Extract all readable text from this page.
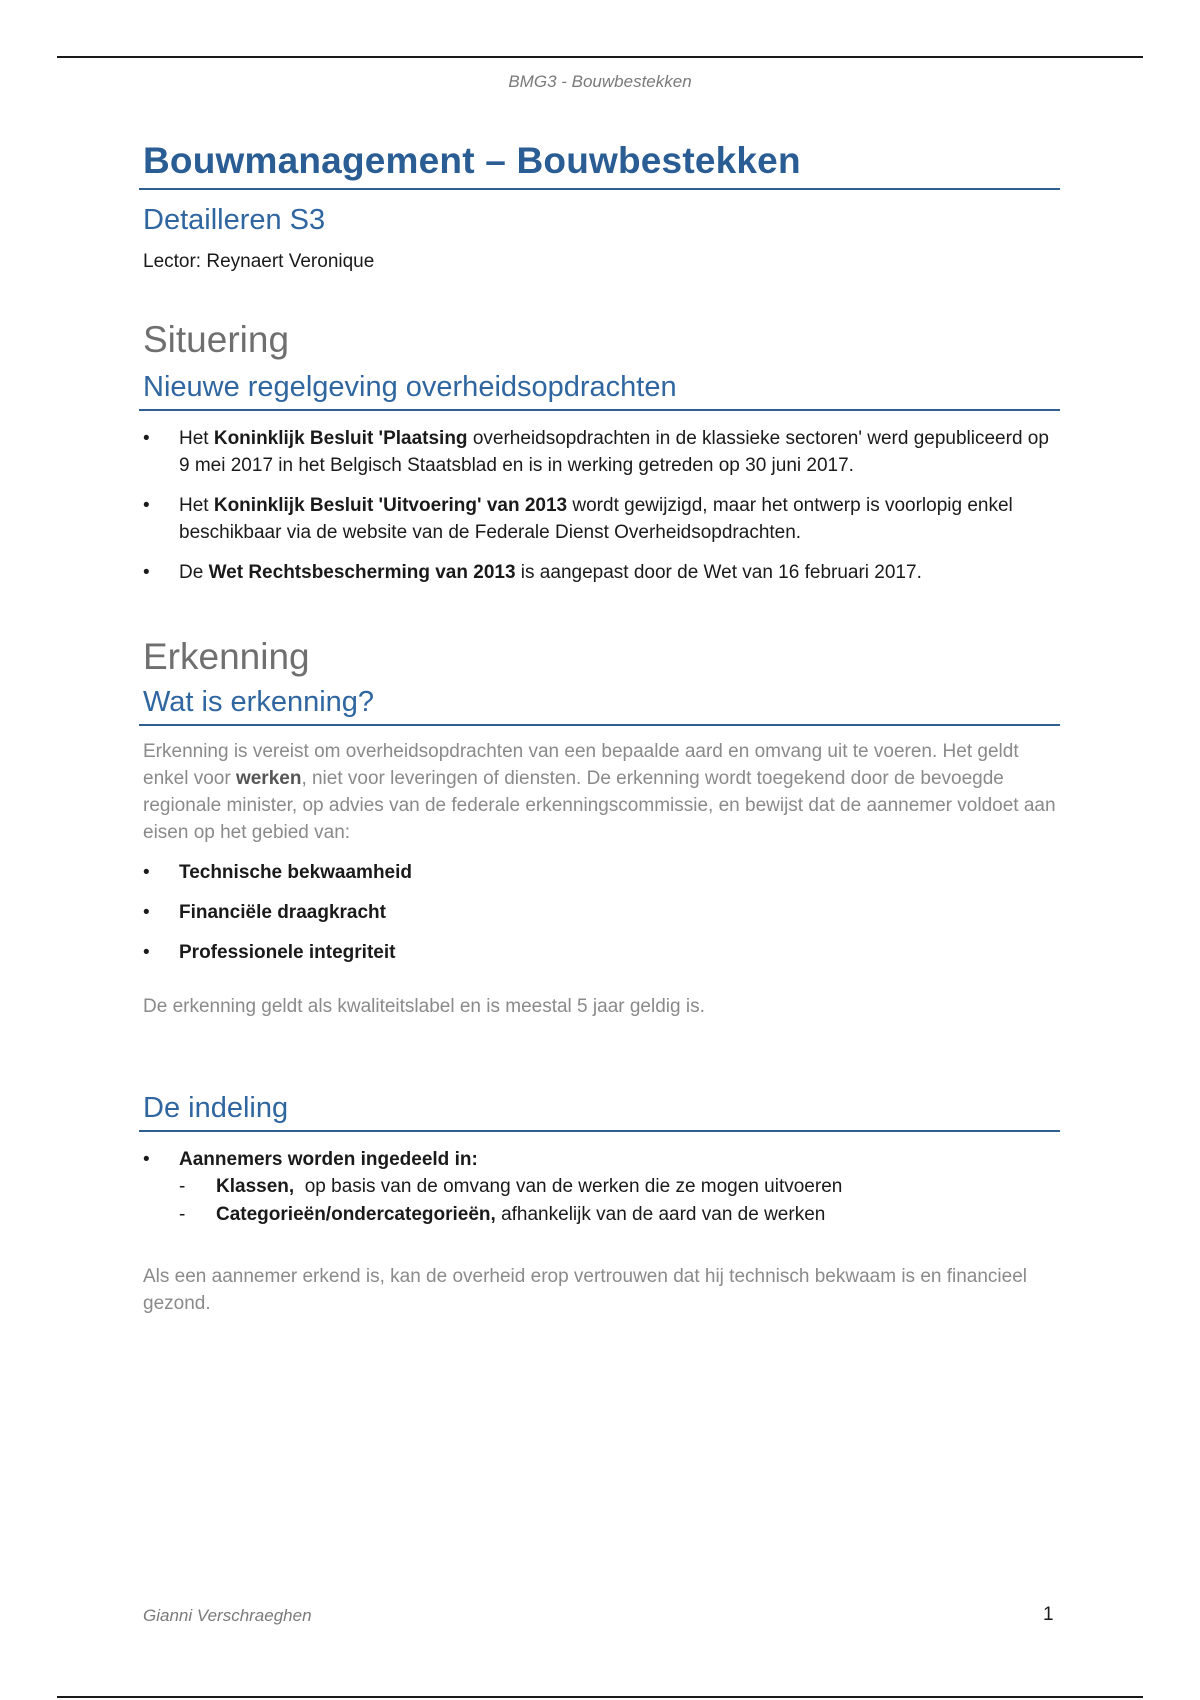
BMG3 - Bouwbestekken
Bouwmanagement – Bouwbestekken
Detailleren S3
Lector: Reynaert Veronique
Situering
Nieuwe regelgeving overheidsopdrachten
• Het Koninklijk Besluit 'Plaatsing overheidsopdrachten in de klassieke sectoren' werd gepubliceerd op 9 mei 2017 in het Belgisch Staatsblad en is in werking getreden op 30 juni 2017.
• Het Koninklijk Besluit 'Uitvoering' van 2013 wordt gewijzigd, maar het ontwerp is voorlopig enkel beschikbaar via de website van de Federale Dienst Overheidsopdrachten.
• De Wet Rechtsbescherming van 2013 is aangepast door de Wet van 16 februari 2017.
Erkenning
Wat is erkenning?

Erkenning is vereist om overheidsopdrachten van een bepaalde aard en omvang uit te voeren. Het geldt enkel voor werken, niet voor leveringen of diensten. De erkenning wordt toegekend door de bevoegde regionale minister, op advies van de federale erkenningscommissie, en bewijst dat de aannemer voldoet aan eisen op het gebied van:

• Technische bekwaamheid
• Financiële draagkracht
• Professionele integriteit

De erkenning geldt als kwaliteitslabel en is meestal 5 jaar geldig is.

De indeling
• Aannemers worden ingedeeld in:
- Klassen,  op basis van de omvang van de werken die ze mogen uitvoeren
- Categorieën/ondercategorieën, afhankelijk van de aard van de werken

Als een aannemer erkend is, kan de overheid erop vertrouwen dat hij technisch bekwaam is en financieel gezond.

Gianni Verschraeghen	1
